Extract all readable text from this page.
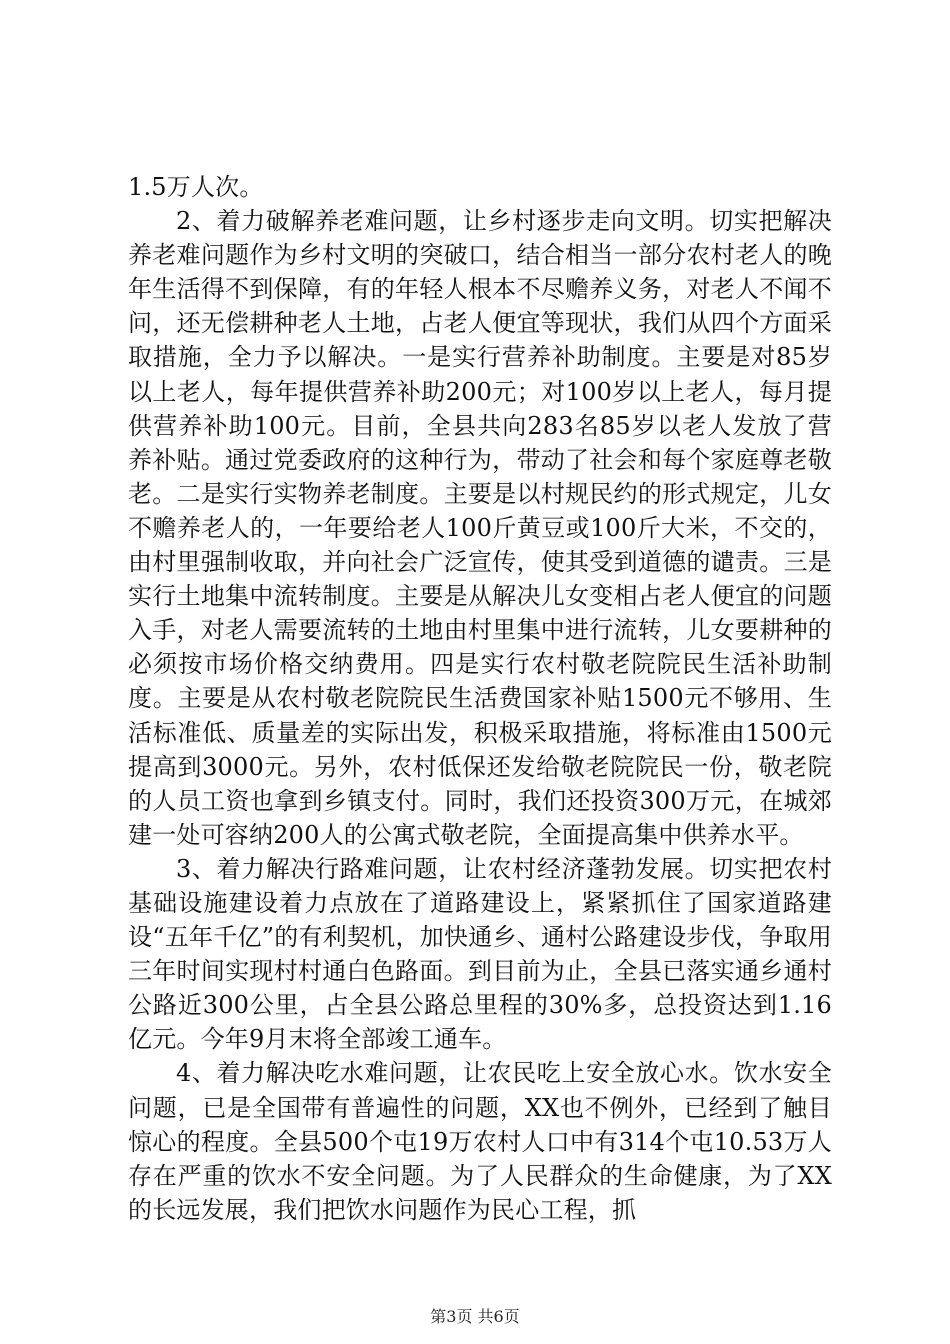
1.5万人次。

2、着力破解养老难问题，让乡村逐步走向文明。切实把解决养老难问题作为乡村文明的突破口，结合相当一部分农村老人的晚年生活得不到保障，有的年轻人根本不尽赡养义务，对老人不闻不问，还无偿耕种老人土地，占老人便宜等现状，我们从四个方面采取措施，全力予以解决。一是实行营养补助制度。主要是对85岁以上老人，每年提供营养补助200元；对100岁以上老人，每月提供营养补助100元。目前，全县共向283名85岁以老人发放了营养补贴。通过党委政府的这种行为，带动了社会和每个家庭尊老敬老。二是实行实物养老制度。主要是以村规民约的形式规定，儿女不赡养老人的，一年要给老人100斤黄豆或100斤大米，不交的，由村里强制收取，并向社会广泛宣传，使其受到道德的谴责。三是实行土地集中流转制度。主要是从解决儿女变相占老人便宜的问题入手，对老人需要流转的土地由村里集中进行流转，儿女要耕种的必须按市场价格交纳费用。四是实行农村敬老院院民生活补助制度。主要是从农村敬老院院民生活费国家补贴1500元不够用、生活标准低、质量差的实际出发，积极采取措施，将标准由1500元提高到3000元。另外，农村低保还发给敬老院院民一份，敬老院的人员工资也拿到乡镇支付。同时，我们还投资300万元，在城郊建一处可容纳200人的公寓式敬老院，全面提高集中供养水平。

3、着力解决行路难问题，让农村经济蓬勃发展。切实把农村基础设施建设着力点放在了道路建设上，紧紧抓住了国家道路建设“五年千亿”的有利契机，加快通乡、通村公路建设步伐，争取用三年时间实现村村通白色路面。到目前为止，全县已落实通乡通村公路近300公里，占全县公路总里程的30%多，总投资达到1.16亿元。今年9月末将全部竣工通车。

4、着力解决吃水难问题，让农民吃上安全放心水。饮水安全问题，已是全国带有普遍性的问题，XX也不例外，已经到了触目惊心的程度。全县500个屯19万农村人口中有314个屯10.53万人存在严重的饮水不安全问题。为了人民群众的生命健康，为了XX的长远发展，我们把饮水问题作为民心工程，抓

第3页 共6页
